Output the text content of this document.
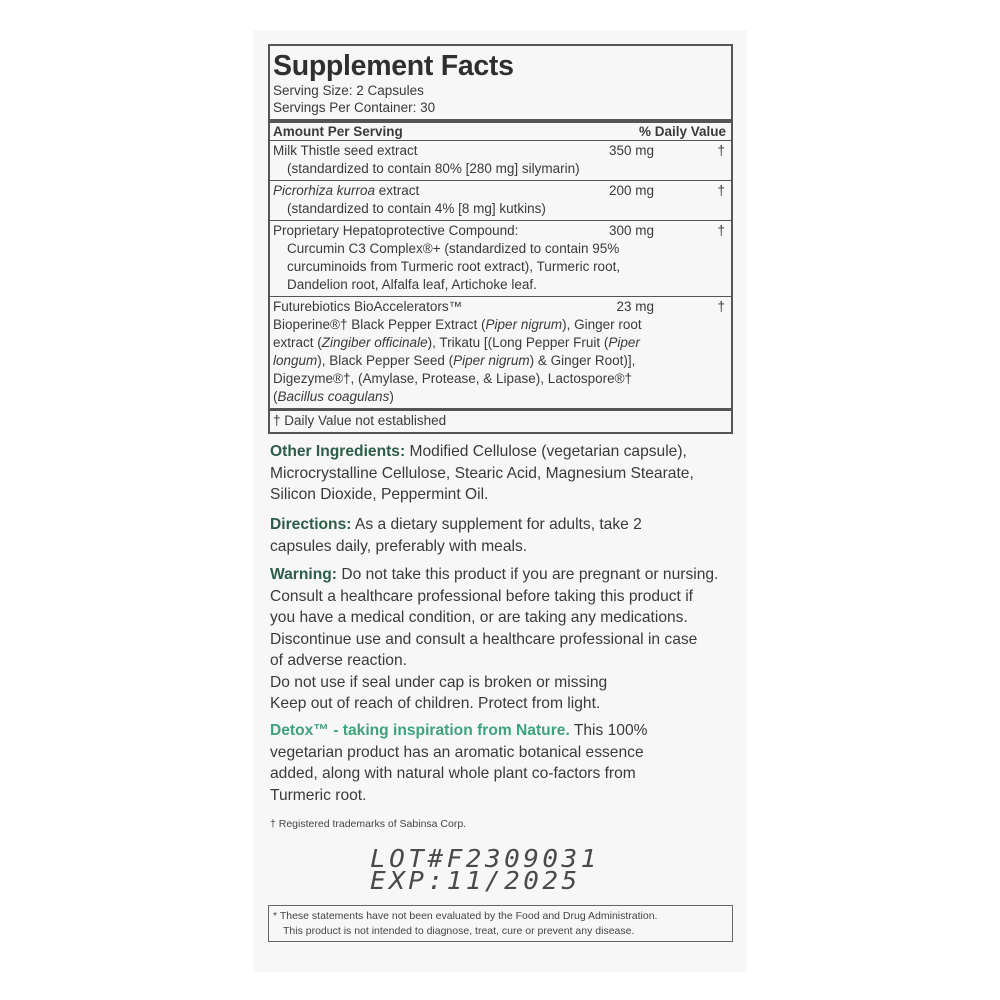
Supplement Facts
Serving Size: 2 Capsules
Servings Per Container: 30
Amount Per Serving	% Daily Value
Milk Thistle seed extract	350 mg	†
(standardized to contain 80% [280 mg] silymarin)
Picrorhiza kurroa extract	200 mg	†
(standardized to contain 4% [8 mg] kutkins)
Proprietary Hepatoprotective Compound:	300 mg	†
Curcumin C3 Complex®+ (standardized to contain 95%
curcuminoids from Turmeric root extract), Turmeric root,
Dandelion root, Alfalfa leaf, Artichoke leaf.
Futurebiotics BioAccelerators™	23 mg	†
Bioperine®† Black Pepper Extract (Piper nigrum), Ginger root
extract (Zingiber officinale), Trikatu [(Long Pepper Fruit (Piper
longum), Black Pepper Seed (Piper nigrum) & Ginger Root)],
Digezyme®†, (Amylase, Protease, & Lipase), Lactospore®†
(Bacillus coagulans)
† Daily Value not established
Other Ingredients: Modified Cellulose (vegetarian capsule),
Microcrystalline Cellulose, Stearic Acid, Magnesium Stearate,
Silicon Dioxide, Peppermint Oil.
Directions: As a dietary supplement for adults, take 2
capsules daily, preferably with meals.
Warning: Do not take this product if you are pregnant or nursing.
Consult a healthcare professional before taking this product if
you have a medical condition, or are taking any medications.
Discontinue use and consult a healthcare professional in case
of adverse reaction.
Do not use if seal under cap is broken or missing
Keep out of reach of children. Protect from light.
Detox™ - taking inspiration from Nature. This 100%
vegetarian product has an aromatic botanical essence
added, along with natural whole plant co-factors from
Turmeric root.
† Registered trademarks of Sabinsa Corp.
LOT#F2309031
EXP:11/2025
* These statements have not been evaluated by the Food and Drug Administration.
This product is not intended to diagnose, treat, cure or prevent any disease.
